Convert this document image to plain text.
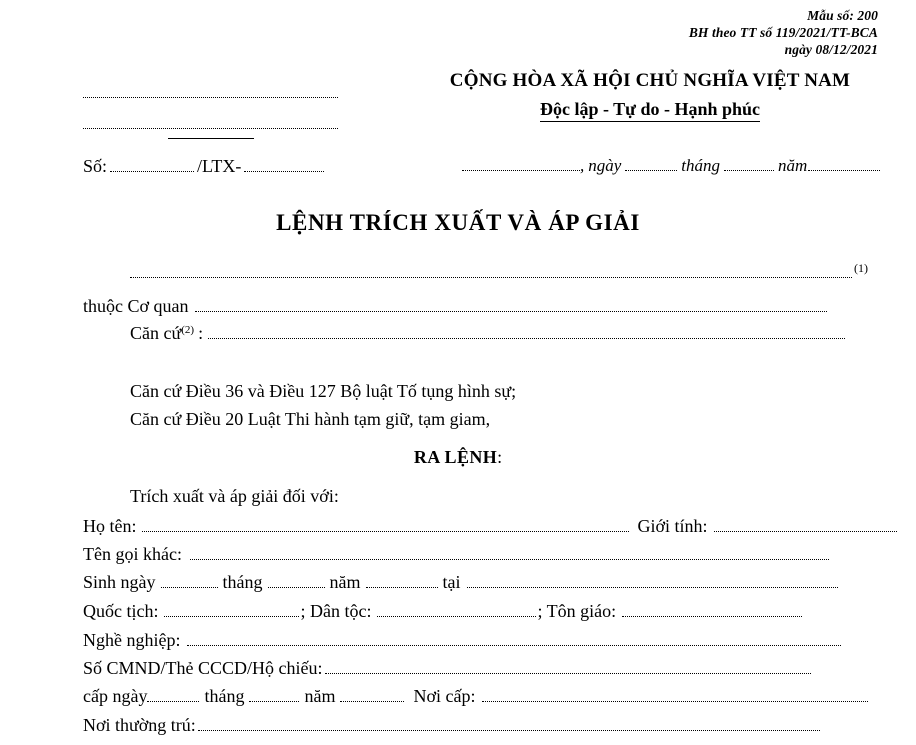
Mẫu số: 200
BH theo TT số 119/2021/TT-BCA
ngày 08/12/2021
CỘNG HÒA XÃ HỘI CHỦ NGHĨA VIỆT NAM
Độc lập - Tự do - Hạnh phúc
Số:	/LTX-	, ngày	tháng	năm
LỆNH TRÍCH XUẤT VÀ ÁP GIẢI
(1)
thuộc Cơ quan
Căn cứ (2) :
Căn cứ Điều 36 và Điều 127 Bộ luật Tố tụng hình sự;
Căn cứ Điều 20 Luật Thi hành tạm giữ, tạm giam,
RA LỆNH:
Trích xuất và áp giải đối với:
Họ tên:	Giới tính:
Tên gọi khác:
Sinh ngày	tháng	năm	tại
Quốc tịch:	; Dân tộc:	; Tôn giáo:
Nghề nghiệp:
Số CMND/Thẻ CCCD/Hộ chiếu:
cấp ngày	tháng	năm	Nơi cấp:
Nơi thường trú:
